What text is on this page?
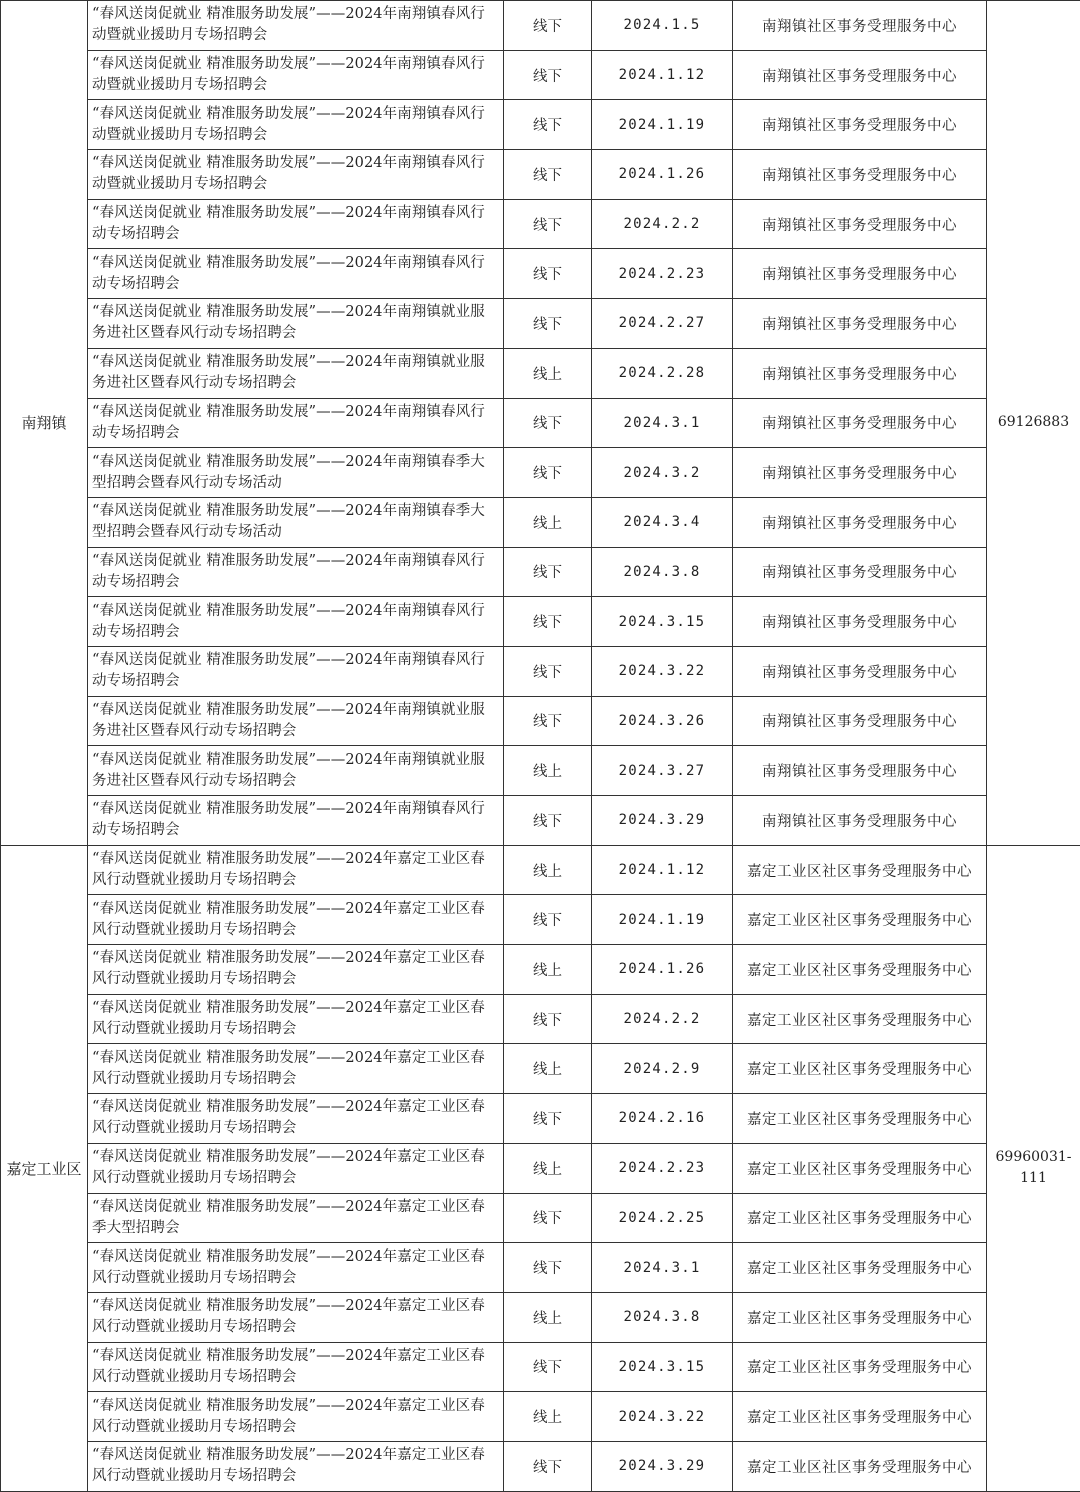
南翔镇	“春风送岗促就业 精准服务助发展”——2024年南翔镇春风行动暨就业援助月专场招聘会	线下	2024.1.5	南翔镇社区事务受理服务中心	69126883
	“春风送岗促就业 精准服务助发展”——2024年南翔镇春风行动暨就业援助月专场招聘会	线下	2024.1.12	南翔镇社区事务受理服务中心	
	“春风送岗促就业 精准服务助发展”——2024年南翔镇春风行动暨就业援助月专场招聘会	线下	2024.1.19	南翔镇社区事务受理服务中心	
	“春风送岗促就业 精准服务助发展”——2024年南翔镇春风行动暨就业援助月专场招聘会	线下	2024.1.26	南翔镇社区事务受理服务中心	
	“春风送岗促就业 精准服务助发展”——2024年南翔镇春风行动专场招聘会	线下	2024.2.2	南翔镇社区事务受理服务中心	
	“春风送岗促就业 精准服务助发展”——2024年南翔镇春风行动专场招聘会	线下	2024.2.23	南翔镇社区事务受理服务中心	
	“春风送岗促就业 精准服务助发展”——2024年南翔镇就业服务进社区暨春风行动专场招聘会	线下	2024.2.27	南翔镇社区事务受理服务中心	
	“春风送岗促就业 精准服务助发展”——2024年南翔镇就业服务进社区暨春风行动专场招聘会	线上	2024.2.28	南翔镇社区事务受理服务中心	
	“春风送岗促就业 精准服务助发展”——2024年南翔镇春风行动专场招聘会	线下	2024.3.1	南翔镇社区事务受理服务中心	
	“春风送岗促就业 精准服务助发展”——2024年南翔镇春季大型招聘会暨春风行动专场活动	线下	2024.3.2	南翔镇社区事务受理服务中心	
	“春风送岗促就业 精准服务助发展”——2024年南翔镇春季大型招聘会暨春风行动专场活动	线上	2024.3.4	南翔镇社区事务受理服务中心	
	“春风送岗促就业 精准服务助发展”——2024年南翔镇春风行动专场招聘会	线下	2024.3.8	南翔镇社区事务受理服务中心	
	“春风送岗促就业 精准服务助发展”——2024年南翔镇春风行动专场招聘会	线下	2024.3.15	南翔镇社区事务受理服务中心	
	“春风送岗促就业 精准服务助发展”——2024年南翔镇春风行动专场招聘会	线下	2024.3.22	南翔镇社区事务受理服务中心	
	“春风送岗促就业 精准服务助发展”——2024年南翔镇就业服务进社区暨春风行动专场招聘会	线下	2024.3.26	南翔镇社区事务受理服务中心	
	“春风送岗促就业 精准服务助发展”——2024年南翔镇就业服务进社区暨春风行动专场招聘会	线上	2024.3.27	南翔镇社区事务受理服务中心	
	“春风送岗促就业 精准服务助发展”——2024年南翔镇春风行动专场招聘会	线下	2024.3.29	南翔镇社区事务受理服务中心	
嘉定工业区	“春风送岗促就业 精准服务助发展”——2024年嘉定工业区春风行动暨就业援助月专场招聘会	线上	2024.1.12	嘉定工业区社区事务受理服务中心	69960031-111
	“春风送岗促就业 精准服务助发展”——2024年嘉定工业区春风行动暨就业援助月专场招聘会	线下	2024.1.19	嘉定工业区社区事务受理服务中心	
	“春风送岗促就业 精准服务助发展”——2024年嘉定工业区春风行动暨就业援助月专场招聘会	线上	2024.1.26	嘉定工业区社区事务受理服务中心	
	“春风送岗促就业 精准服务助发展”——2024年嘉定工业区春风行动暨就业援助月专场招聘会	线下	2024.2.2	嘉定工业区社区事务受理服务中心	
	“春风送岗促就业 精准服务助发展”——2024年嘉定工业区春风行动暨就业援助月专场招聘会	线上	2024.2.9	嘉定工业区社区事务受理服务中心	
	“春风送岗促就业 精准服务助发展”——2024年嘉定工业区春风行动暨就业援助月专场招聘会	线下	2024.2.16	嘉定工业区社区事务受理服务中心	
	“春风送岗促就业 精准服务助发展”——2024年嘉定工业区春风行动暨就业援助月专场招聘会	线上	2024.2.23	嘉定工业区社区事务受理服务中心	
	“春风送岗促就业 精准服务助发展”——2024年嘉定工业区春季大型招聘会	线下	2024.2.25	嘉定工业区社区事务受理服务中心	
	“春风送岗促就业 精准服务助发展”——2024年嘉定工业区春风行动暨就业援助月专场招聘会	线下	2024.3.1	嘉定工业区社区事务受理服务中心	
	“春风送岗促就业 精准服务助发展”——2024年嘉定工业区春风行动暨就业援助月专场招聘会	线上	2024.3.8	嘉定工业区社区事务受理服务中心	
	“春风送岗促就业 精准服务助发展”——2024年嘉定工业区春风行动暨就业援助月专场招聘会	线下	2024.3.15	嘉定工业区社区事务受理服务中心	
	“春风送岗促就业 精准服务助发展”——2024年嘉定工业区春风行动暨就业援助月专场招聘会	线上	2024.3.22	嘉定工业区社区事务受理服务中心	
	“春风送岗促就业 精准服务助发展”——2024年嘉定工业区春风行动暨就业援助月专场招聘会	线下	2024.3.29	嘉定工业区社区事务受理服务中心	
